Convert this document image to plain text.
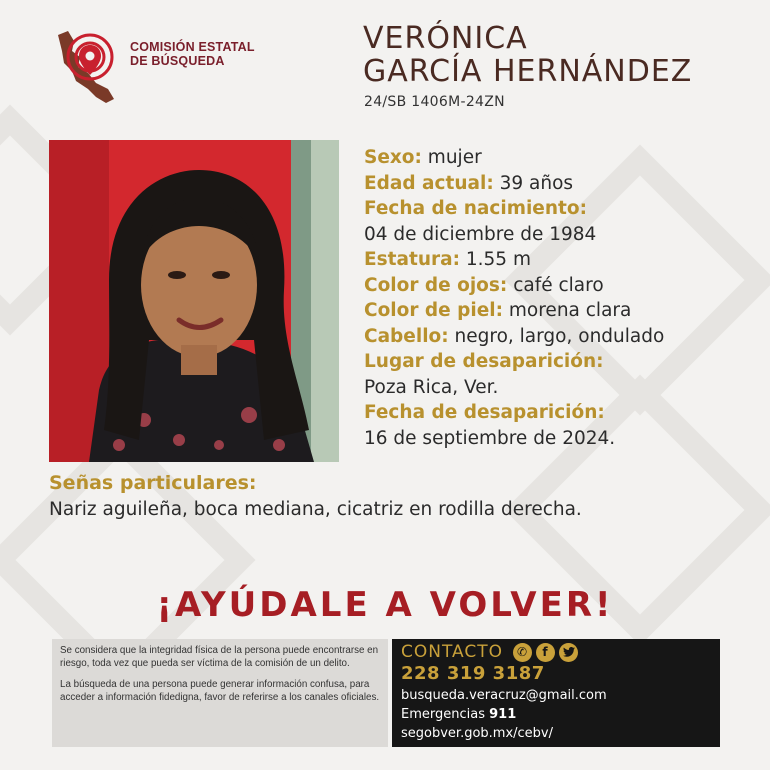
COMISIÓN ESTATAL
DE BÚSQUEDA
VERÓNICA
GARCÍA HERNÁNDEZ
24/SB 1406M-24ZN
Sexo: mujer
Edad actual: 39 años
Fecha de nacimiento:
04 de diciembre de 1984
Estatura: 1.55 m
Color de ojos: café claro
Color de piel: morena clara
Cabello: negro, largo, ondulado
Lugar de desaparición:
Poza Rica, Ver.
Fecha de desaparición:
16 de septiembre de 2024.
Señas particulares:
Nariz aguileña, boca mediana, cicatriz en rodilla derecha.
¡AYÚDALE A VOLVER!

Se considera que la integridad física de la persona puede encontrarse en riesgo, toda vez que pueda ser víctima de la comisión de un delito.

La búsqueda de una persona puede generar información confusa, para acceder a información fidedigna, favor de referirse a los canales oficiales.

CONTACTO	✆	f
228 319 3187
busqueda.veracruz@gmail.com
Emergencias 911
segobver.gob.mx/cebv/
